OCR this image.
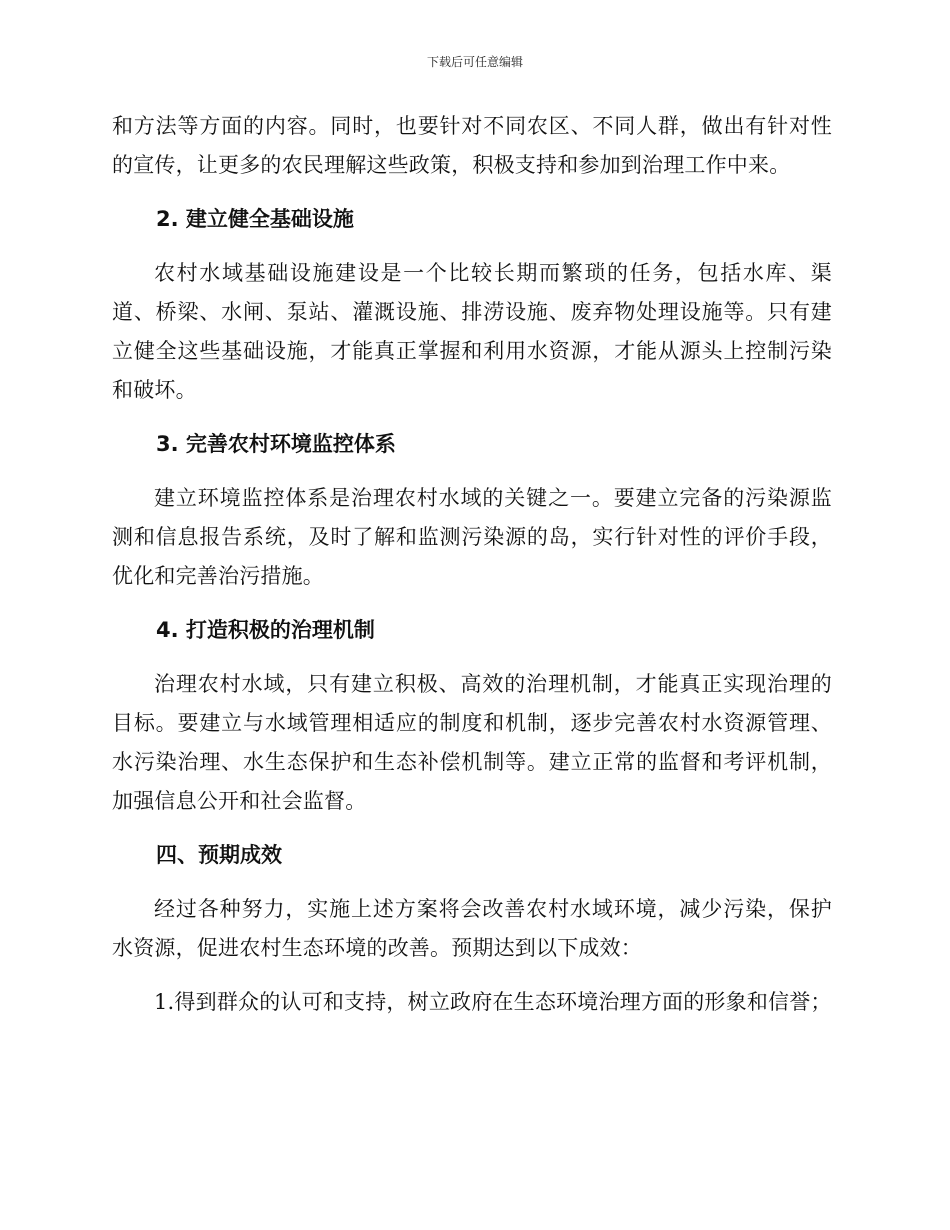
下载后可任意编辑

和方法等方面的内容。同时，也要针对不同农区、不同人群，做出有针对性的宣传，让更多的农民理解这些政策，积极支持和参加到治理工作中来。

2. 建立健全基础设施

农村水域基础设施建设是一个比较长期而繁琐的任务，包括水库、渠道、桥梁、水闸、泵站、灌溉设施、排涝设施、废弃物处理设施等。只有建立健全这些基础设施，才能真正掌握和利用水资源，才能从源头上控制污染和破坏。

3. 完善农村环境监控体系

建立环境监控体系是治理农村水域的关键之一。要建立完备的污染源监测和信息报告系统，及时了解和监测污染源的岛，实行针对性的评价手段，优化和完善治污措施。

4. 打造积极的治理机制

治理农村水域，只有建立积极、高效的治理机制，才能真正实现治理的目标。要建立与水域管理相适应的制度和机制，逐步完善农村水资源管理、水污染治理、水生态保护和生态补偿机制等。建立正常的监督和考评机制，加强信息公开和社会监督。

四、预期成效

经过各种努力，实施上述方案将会改善农村水域环境，减少污染，保护水资源，促进农村生态环境的改善。预期达到以下成效：

1.得到群众的认可和支持，树立政府在生态环境治理方面的形象和信誉；
